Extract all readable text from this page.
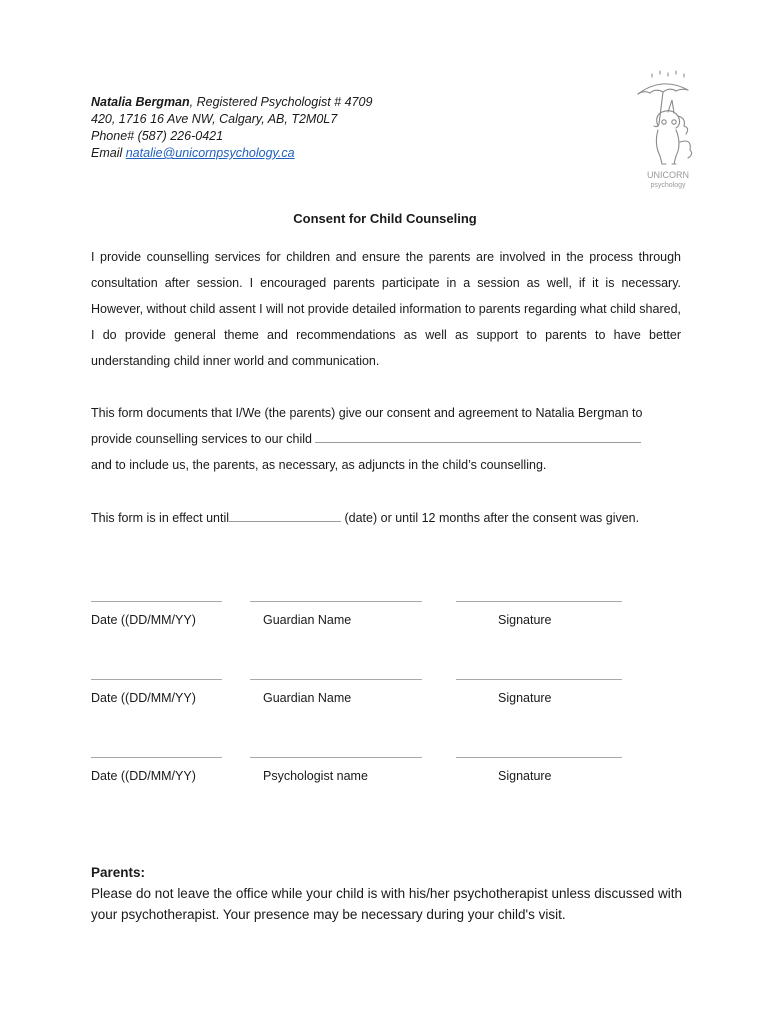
Natalia Bergman, Registered Psychologist # 4709
420, 1716 16 Ave NW, Calgary, AB, T2M0L7
Phone# (587) 226-0421
Email natalie@unicornpsychology.ca
UNICORN
psychology
Consent for Child Counseling
I provide counselling services for children and ensure the parents are involved in the process through consultation after session. I encouraged parents participate in a session as well, if it is necessary. However, without child assent I will not provide detailed information to parents regarding what child shared, I do provide general theme and recommendations as well as support to parents to have better understanding child inner world and communication.
This form documents that I/We (the parents) give our consent and agreement to Natalia Bergman to
provide counselling services to our child
and to include us, the parents, as necessary, as adjuncts in the child’s counselling.
This form is in effect until	(date) or until 12 months after the consent was given.
Date ((DD/MM/YY)	Guardian Name	Signature
Date ((DD/MM/YY)	Guardian Name	Signature
Date ((DD/MM/YY)	Psychologist name	Signature
Parents:
Please do not leave the office while your child is with his/her psychotherapist unless discussed with your psychotherapist. Your presence may be necessary during your child's visit.
